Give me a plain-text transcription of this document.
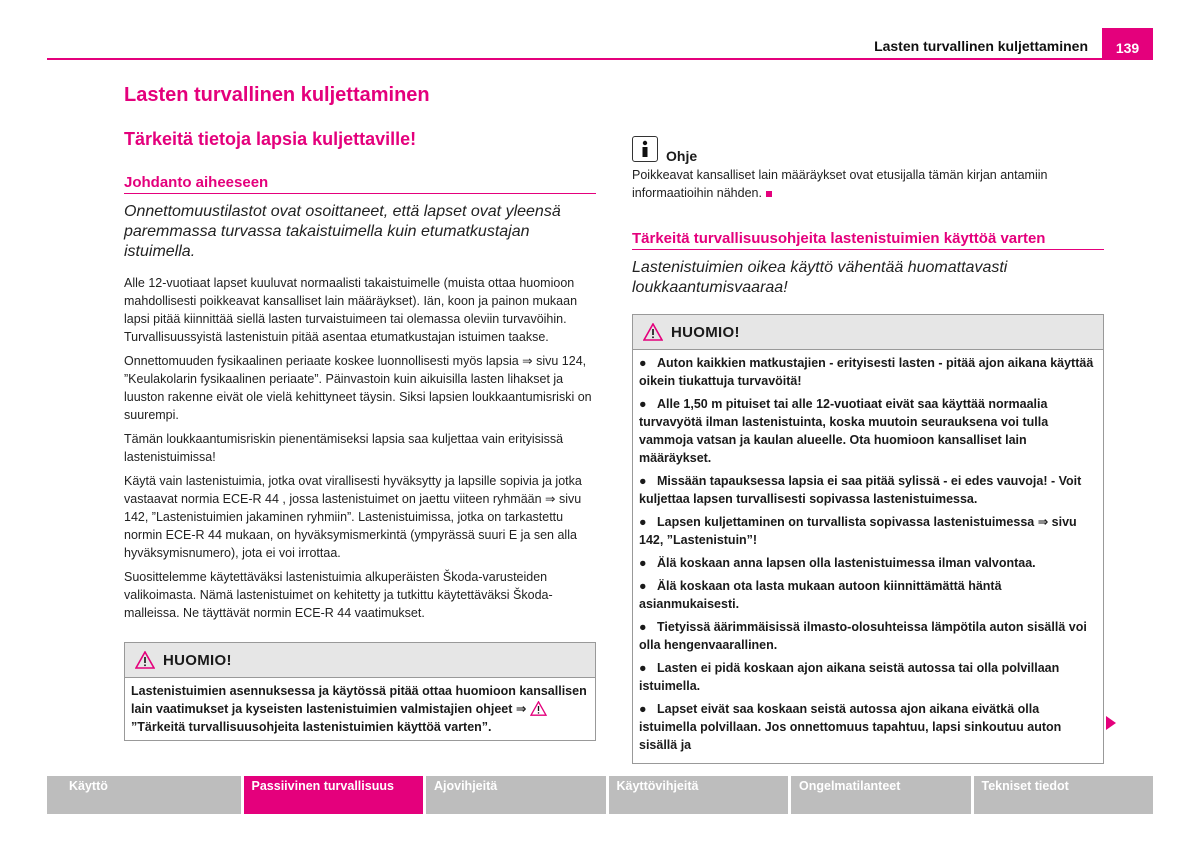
Lasten turvallinen kuljettaminen	139
Lasten turvallinen kuljettaminen
Tärkeitä tietoja lapsia kuljettaville!
Johdanto aiheeseen

Onnettomuustilastot ovat osoittaneet, että lapset ovat yleensä paremmassa turvassa takaistuimella kuin etumatkustajan istuimella.

Alle 12-vuotiaat lapset kuuluvat normaalisti takaistuimelle (muista ottaa huomioon mahdollisesti poikkeavat kansalliset lain määräykset). Iän, koon ja painon mukaan lapsi pitää kiinnittää siellä lasten turvaistuimeen tai olemassa oleviin turvavöihin. Turvallisuussyistä lastenistuin pitää asentaa etumatkustajan istuimen taakse.

Onnettomuuden fysikaalinen periaate koskee luonnollisesti myös lapsia ⇒ sivu 124, ”Keulakolarin fysikaalinen periaate”. Päinvastoin kuin aikuisilla lasten lihakset ja luuston rakenne eivät ole vielä kehittyneet täysin. Siksi lapsien loukkaantumisriski on suurempi.

Tämän loukkaantumisriskin pienentämiseksi lapsia saa kuljettaa vain erityisissä lastenistuimissa!

Käytä vain lastenistuimia, jotka ovat virallisesti hyväksytty ja lapsille sopivia ja jotka vastaavat normia ECE-R 44 , jossa lastenistuimet on jaettu viiteen ryhmään ⇒ sivu 142, ”Lastenistuimien jakaminen ryhmiin”. Lastenistuimissa, jotka on tarkastettu normin ECE-R 44 mukaan, on hyväksymismerkintä (ympyrässä suuri E ja sen alla hyväksymisnumero), jota ei voi irrottaa.

Suosittelemme käytettäväksi lastenistuimia alkuperäisten Škoda-varusteiden valikoimasta. Nämä lastenistuimet on kehitetty ja tutkittu käytettäväksi Škoda-malleissa. Ne täyttävät normin ECE-R 44 vaatimukset.

HUOMIO!
Lastenistuimien asennuksessa ja käytössä pitää ottaa huomioon kansallisen lain vaatimukset ja kyseisten lastenistuimien valmistajien ohjeet ⇒  ”Tärkeitä turvallisuusohjeita lastenistuimien käyttöä varten”.
Ohje

Poikkeavat kansalliset lain määräykset ovat etusijalla tämän kirjan antamiin informaatioihin nähden.

Tärkeitä turvallisuusohjeita lastenistuimien käyttöä varten

Lastenistuimien oikea käyttö vähentää huomattavasti loukkaantumisvaaraa!

HUOMIO!
● Auton kaikkien matkustajien - erityisesti lasten - pitää ajon aikana käyttää oikein tiukattuja turvavöitä!
● Alle 1,50 m pituiset tai alle 12-vuotiaat eivät saa käyttää normaalia turvavyötä ilman lastenistuinta, koska muutoin seurauksena voi tulla vammoja vatsan ja kaulan alueelle. Ota huomioon kansalliset lain määräykset.
● Missään tapauksessa lapsia ei saa pitää sylissä - ei edes vauvoja! - Voit kuljettaa lapsen turvallisesti sopivassa lastenistuimessa.
● Lapsen kuljettaminen on turvallista sopivassa lastenistuimessa ⇒ sivu 142, ”Lastenistuin”!
● Älä koskaan anna lapsen olla lastenistuimessa ilman valvontaa.
● Älä koskaan ota lasta mukaan autoon kiinnittämättä häntä asianmukaisesti.
● Tietyissä äärimmäisissä ilmasto-olosuhteissa lämpötila auton sisällä voi olla hengenvaarallinen.
● Lasten ei pidä koskaan ajon aikana seistä autossa tai olla polvillaan istuimella.
● Lapset eivät saa koskaan seistä autossa ajon aikana eivätkä olla istuimella polvillaan. Jos onnettomuus tapahtuu, lapsi sinkoutuu auton sisällä ja
Käyttö	Passiivinen turvallisuus	Ajovihjeitä	Käyttövihjeitä	Ongelmatilanteet	Tekniset tiedot
